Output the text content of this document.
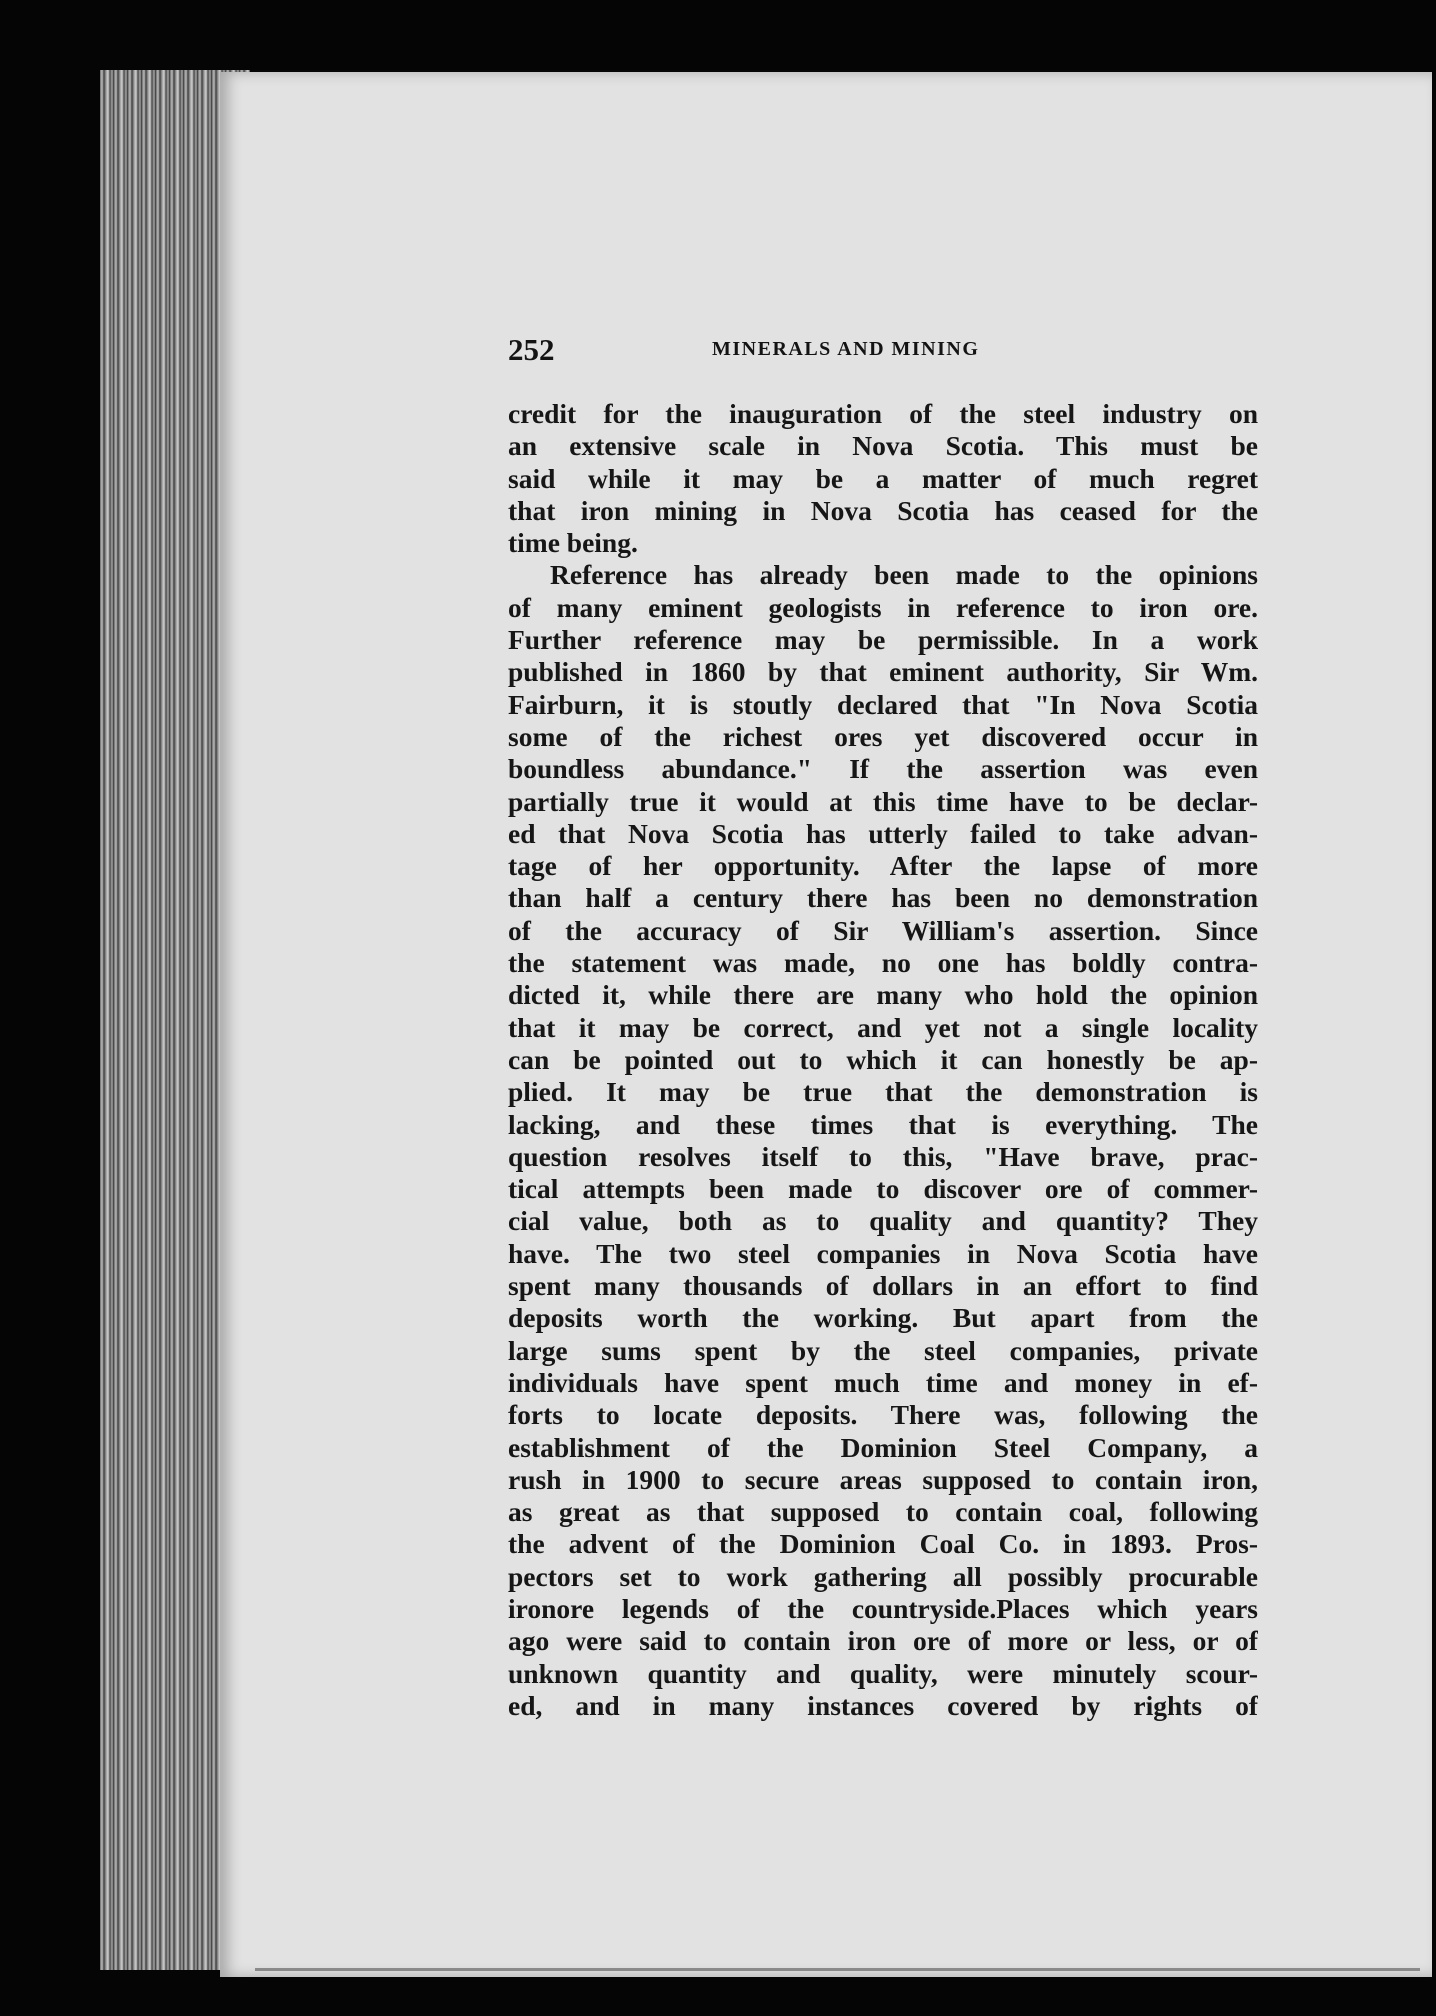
252	MINERALS AND MINING
credit for the inauguration of the steel industry on
an extensive scale in Nova Scotia. This must be
said while it may be a matter of much regret
that iron mining in Nova Scotia has ceased for the
time being.
Reference has already been made to the opinions
of many eminent geologists in reference to iron ore.
Further reference may be permissible. In a work
published in 1860 by that eminent authority, Sir Wm.
Fairburn, it is stoutly declared that "In Nova Scotia
some of the richest ores yet discovered occur in
boundless abundance." If the assertion was even
partially true it would at this time have to be declar-
ed that Nova Scotia has utterly failed to take advan-
tage of her opportunity. After the lapse of more
than half a century there has been no demonstration
of the accuracy of Sir William's assertion. Since
the statement was made, no one has boldly contra-
dicted it, while there are many who hold the opinion
that it may be correct, and yet not a single locality
can be pointed out to which it can honestly be ap-
plied. It may be true that the demonstration is
lacking, and these times that is everything. The
question resolves itself to this, "Have brave, prac-
tical attempts been made to discover ore of commer-
cial value, both as to quality and quantity? They
have. The two steel companies in Nova Scotia have
spent many thousands of dollars in an effort to find
deposits worth the working. But apart from the
large sums spent by the steel companies, private
individuals have spent much time and money in ef-
forts to locate deposits. There was, following the
establishment of the Dominion Steel Company, a
rush in 1900 to secure areas supposed to contain iron,
as great as that supposed to contain coal, following
the advent of the Dominion Coal Co. in 1893. Pros-
pectors set to work gathering all possibly procurable
ironore legends of the countryside.Places which years
ago were said to contain iron ore of more or less, or of
unknown quantity and quality, were minutely scour-
ed, and in many instances covered by rights of
